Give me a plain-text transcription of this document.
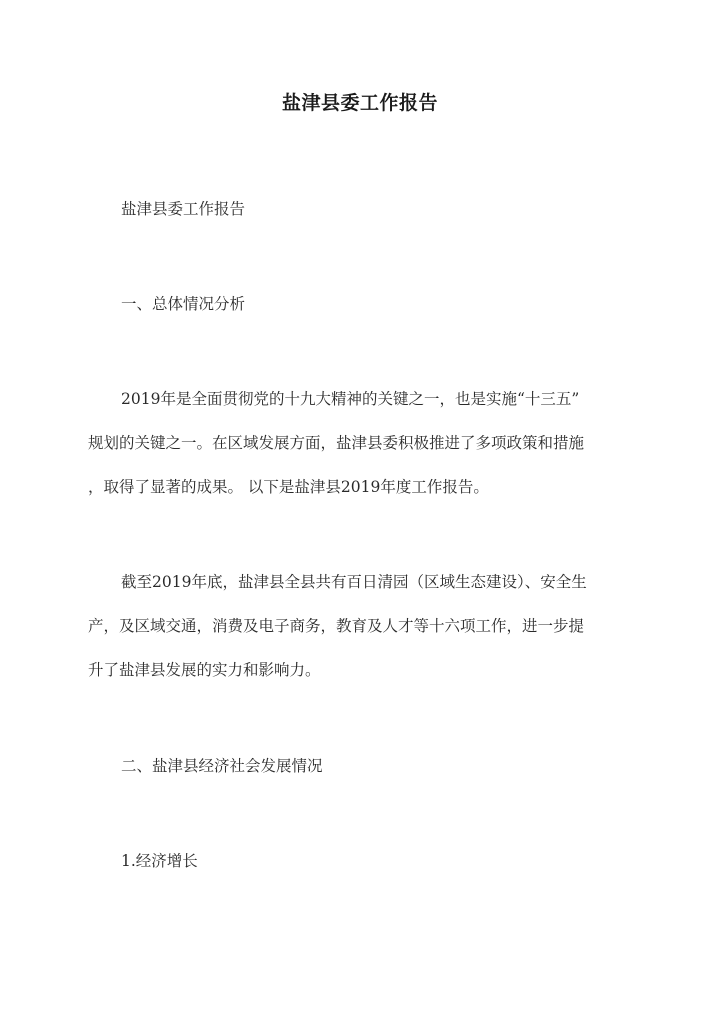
盐津县委工作报告
盐津县委工作报告
一、总体情况分析
2019年是全面贯彻党的十九大精神的关键之一，也是实施“十三五”
规划的关键之一。在区域发展方面，盐津县委积极推进了多项政策和措施
，取得了显著的成果。 以下是盐津县2019年度工作报告。
截至2019年底，盐津县全县共有百日清园（区域生态建设）、安全生
产，及区域交通，消费及电子商务，教育及人才等十六项工作，进一步提
升了盐津县发展的实力和影响力。
二、盐津县经济社会发展情况
1.经济增长
